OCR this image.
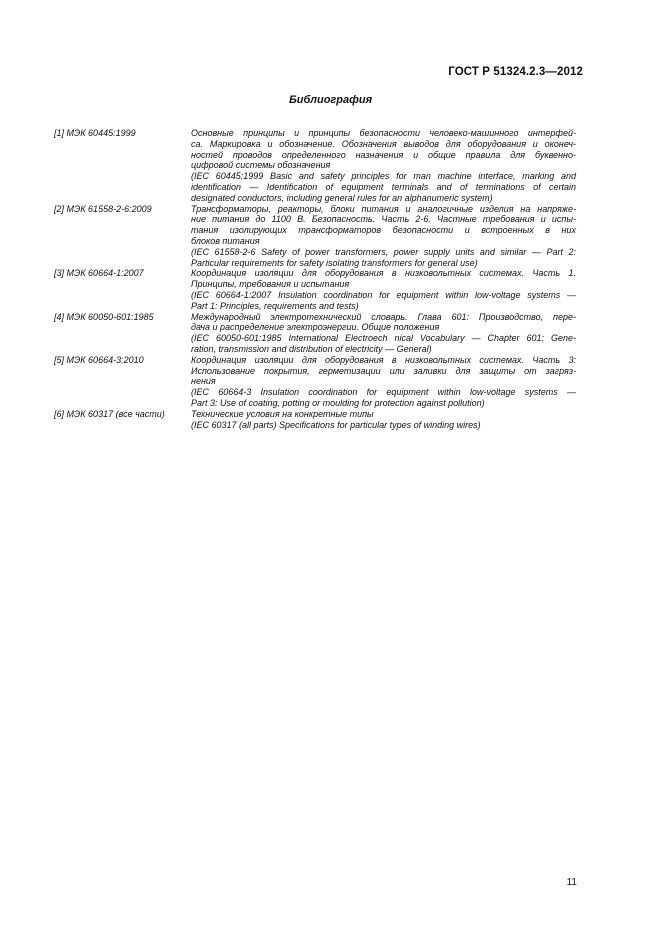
ГОСТ Р 51324.2.3—2012
Библиография
[1] МЭК 60445:1999	Основные принципы и принципы безопасности человеко-машинного интерфей-
са. Маркировка и обозначение. Обозначения выводов для оборудования и оконеч-
ностей проводов определенного назначения и общие правила для буквенно-
цифровой системы обозначения
(IEC 60445:1999 Basic and safety principles for man machine interface, marking and
identification — Identification of equipment terminals and of terminations of certain
designated conductors, including general rules for an alphanumeric system)
[2] МЭК 61558-2-6:2009	Трансформаторы, реакторы, блоки питания и аналогичные изделия на напряже-
ние питания до 1100 В. Безопасность. Часть 2-6. Частные требования и испы-
тания изолирующих трансформаторов безопасности и встроенных в них
блоков питания
(IEC 61558-2-6 Safety of power transformers, power supply units and similar — Part 2:
Particular requirements for safety isolating transformers for general use)
[3] МЭК 60664-1:2007	Координация изоляции для оборудования в низковольтных системах. Часть 1.
Принципы, требования и испытания
(IEC 60664-1:2007 Insulation coordination for equipment within low-voltage systems —
Part 1: Principles, requirements and tests)
[4] МЭК 60050-601:1985	Международный электротехнический словарь. Глава 601: Производство, пере-
дача и распределение электроэнергии. Общие положения
(IEC 60050-601:1985 International Electroech nical Vocabulary — Chapter 601: Gene-
ration, transmission and distribution of electricity — General)
[5] МЭК 60664-3:2010	Координация изоляции для оборудования в низковольтных системах. Часть 3:
Использование покрытия, герметизации или заливки для защиты от загряз-
нения
(IEC 60664-3 Insulation coordination for equipment within low-voltage systems —
Part 3: Use of coating, potting or moulding for protection against pollution)
[6] МЭК 60317 (все части)	Технические условия на конкретные типы
(IEC 60317 (all parts) Specifications for particular types of winding wires)
11
